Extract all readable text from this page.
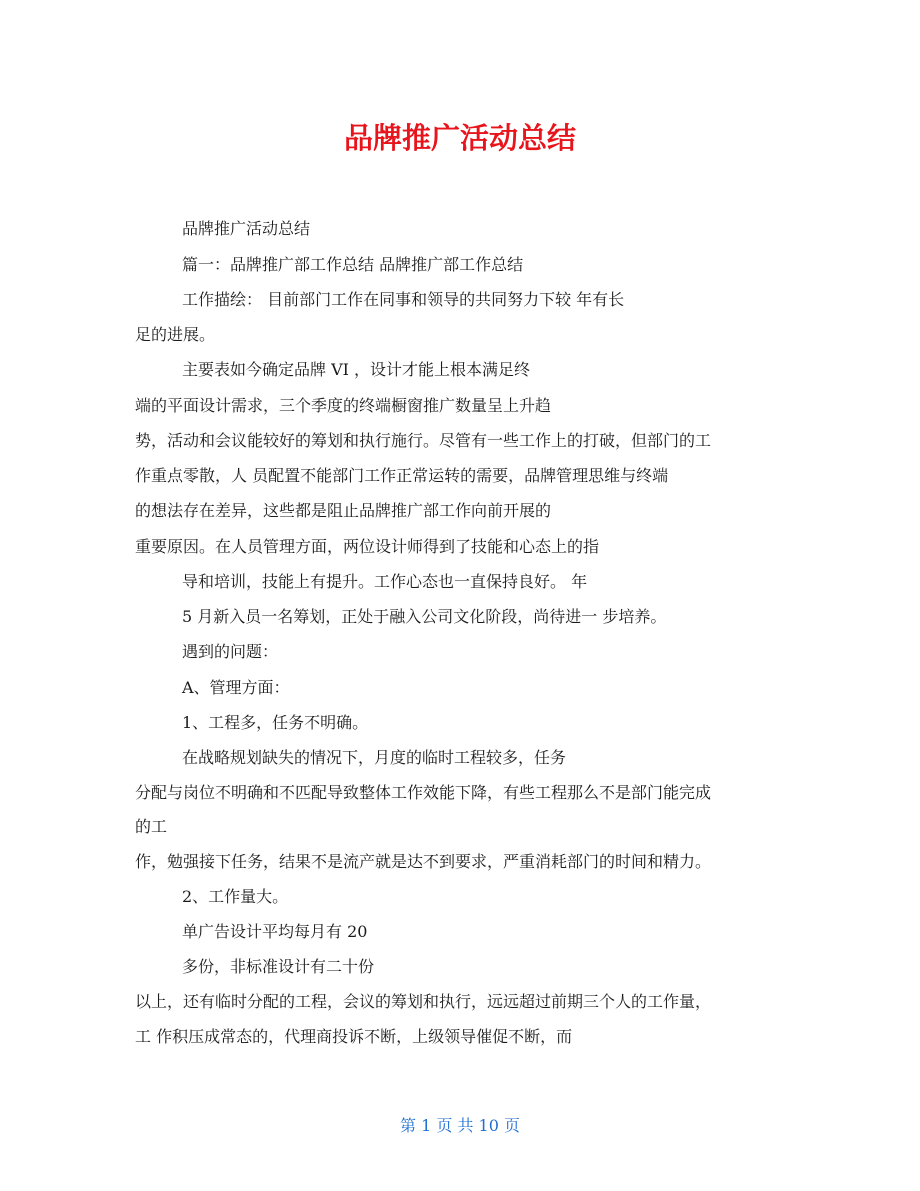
品牌推广活动总结
品牌推广活动总结
篇一：品牌推广部工作总结 品牌推广部工作总结
工作描绘： 目前部门工作在同事和领导的共同努力下较 年有长
足的进展。
主要表如今确定品牌 VI ，设计才能上根本满足终
端的平面设计需求，三个季度的终端橱窗推广数量呈上升趋
势，活动和会议能较好的筹划和执行施行。尽管有一些工作上的打破，但部门的工
作重点零散，人 员配置不能部门工作正常运转的需要，品牌管理思维与终端
的想法存在差异，这些都是阻止品牌推广部工作向前开展的
重要原因。在人员管理方面，两位设计师得到了技能和心态上的指
导和培训，技能上有提升。工作心态也一直保持良好。 年
5 月新入员一名筹划，正处于融入公司文化阶段，尚待进一 步培养。
遇到的问题：
A、管理方面：
1、工程多，任务不明确。
在战略规划缺失的情况下，月度的临时工程较多，任务
分配与岗位不明确和不匹配导致整体工作效能下降，有些工程那么不是部门能完成
的工
作，勉强接下任务，结果不是流产就是达不到要求，严重消耗部门的时间和精力。
2、工作量大。
单广告设计平均每月有 20
多份，非标准设计有二十份
以上，还有临时分配的工程，会议的筹划和执行，远远超过前期三个人的工作量，
工 作积压成常态的，代理商投诉不断，上级领导催促不断，而
第 1 页 共 10 页
